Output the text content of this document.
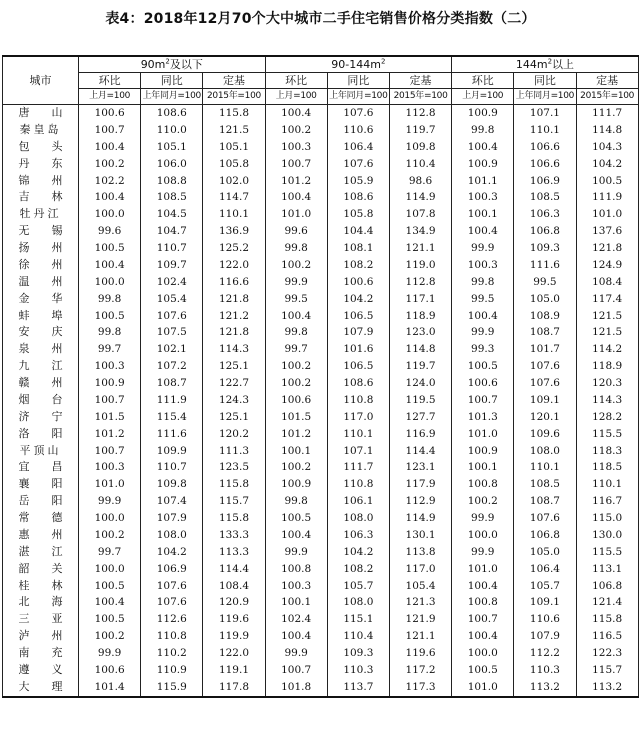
表4：2018年12月70个大中城市二手住宅销售价格分类指数（二）
城市	$90m^2$及以下			$90-144m^2$			$144m^2$以上		
	环比	同比	定基	环比	同比	定基	环比	同比	定基
	上月=100	上年同月=100	2015年=100	上月=100	上年同月=100	2015年=100	上月=100	上年同月=100	2015年=100
唐 山	100.6	108.6	115.8	100.4	107.6	112.8	100.9	107.1	111.7
秦皇岛	100.7	110.0	121.5	100.2	110.6	119.7	99.8	110.1	114.8
包 头	100.4	105.1	105.1	100.3	106.4	109.8	100.4	106.6	104.3
丹 东	100.2	106.0	105.8	100.7	107.6	110.4	100.9	106.6	104.2
锦 州	102.2	108.8	102.0	101.2	105.9	98.6	101.1	106.9	100.5
吉 林	100.4	108.5	114.7	100.4	108.6	114.9	100.3	108.5	111.9
牡丹江	100.0	104.5	110.1	101.0	105.8	107.8	100.1	106.3	101.0
无 锡	99.6	104.7	136.9	99.6	104.4	134.9	100.4	106.8	137.6
扬 州	100.5	110.7	125.2	99.8	108.1	121.1	99.9	109.3	121.8
徐 州	100.4	109.7	122.0	100.2	108.2	119.0	100.3	111.6	124.9
温 州	100.0	102.4	116.6	99.9	100.6	112.8	99.8	99.5	108.4
金 华	99.8	105.4	121.8	99.5	104.2	117.1	99.5	105.0	117.4
蚌 埠	100.5	107.6	121.2	100.4	106.5	118.9	100.4	108.9	121.5
安 庆	99.8	107.5	121.8	99.8	107.9	123.0	99.9	108.7	121.5
泉 州	99.7	102.1	114.3	99.7	101.6	114.8	99.3	101.7	114.2
九 江	100.3	107.2	125.1	100.2	106.5	119.7	100.5	107.6	118.9
赣 州	100.9	108.7	122.7	100.2	108.6	124.0	100.6	107.6	120.3
烟 台	100.7	111.9	124.3	100.6	110.8	119.5	100.7	109.1	114.3
济 宁	101.5	115.4	125.1	101.5	117.0	127.7	101.3	120.1	128.2
洛 阳	101.2	111.6	120.2	101.2	110.1	116.9	101.0	109.6	115.5
平顶山	100.7	109.9	111.3	100.1	107.1	114.4	100.9	108.0	118.3
宜 昌	100.3	110.7	123.5	100.2	111.7	123.1	100.1	110.1	118.5
襄 阳	101.0	109.8	115.8	100.9	110.8	117.9	100.8	108.5	110.1
岳 阳	99.9	107.4	115.7	99.8	106.1	112.9	100.2	108.7	116.7
常 德	100.0	107.9	115.8	100.5	108.0	114.9	99.9	107.6	115.0
惠 州	100.2	108.0	133.3	100.4	106.3	130.1	100.0	106.8	130.0
湛 江	99.7	104.2	113.3	99.9	104.2	113.8	99.9	105.0	115.5
韶 关	100.0	106.9	114.4	100.8	108.2	117.0	101.0	106.4	113.1
桂 林	100.5	107.6	108.4	100.3	105.7	105.4	100.4	105.7	106.8
北 海	100.4	107.6	120.9	100.1	108.0	121.3	100.8	109.1	121.4
三 亚	100.5	112.6	119.6	102.4	115.1	121.9	100.7	110.6	115.8
泸 州	100.2	110.8	119.9	100.4	110.4	121.1	100.4	107.9	116.5
南 充	99.9	110.2	122.0	99.9	109.3	119.6	100.0	112.2	122.3
遵 义	100.6	110.9	119.1	100.7	110.3	117.2	100.5	110.3	115.7
大 理	101.4	115.9	117.8	101.8	113.7	117.3	101.0	113.2	113.2
